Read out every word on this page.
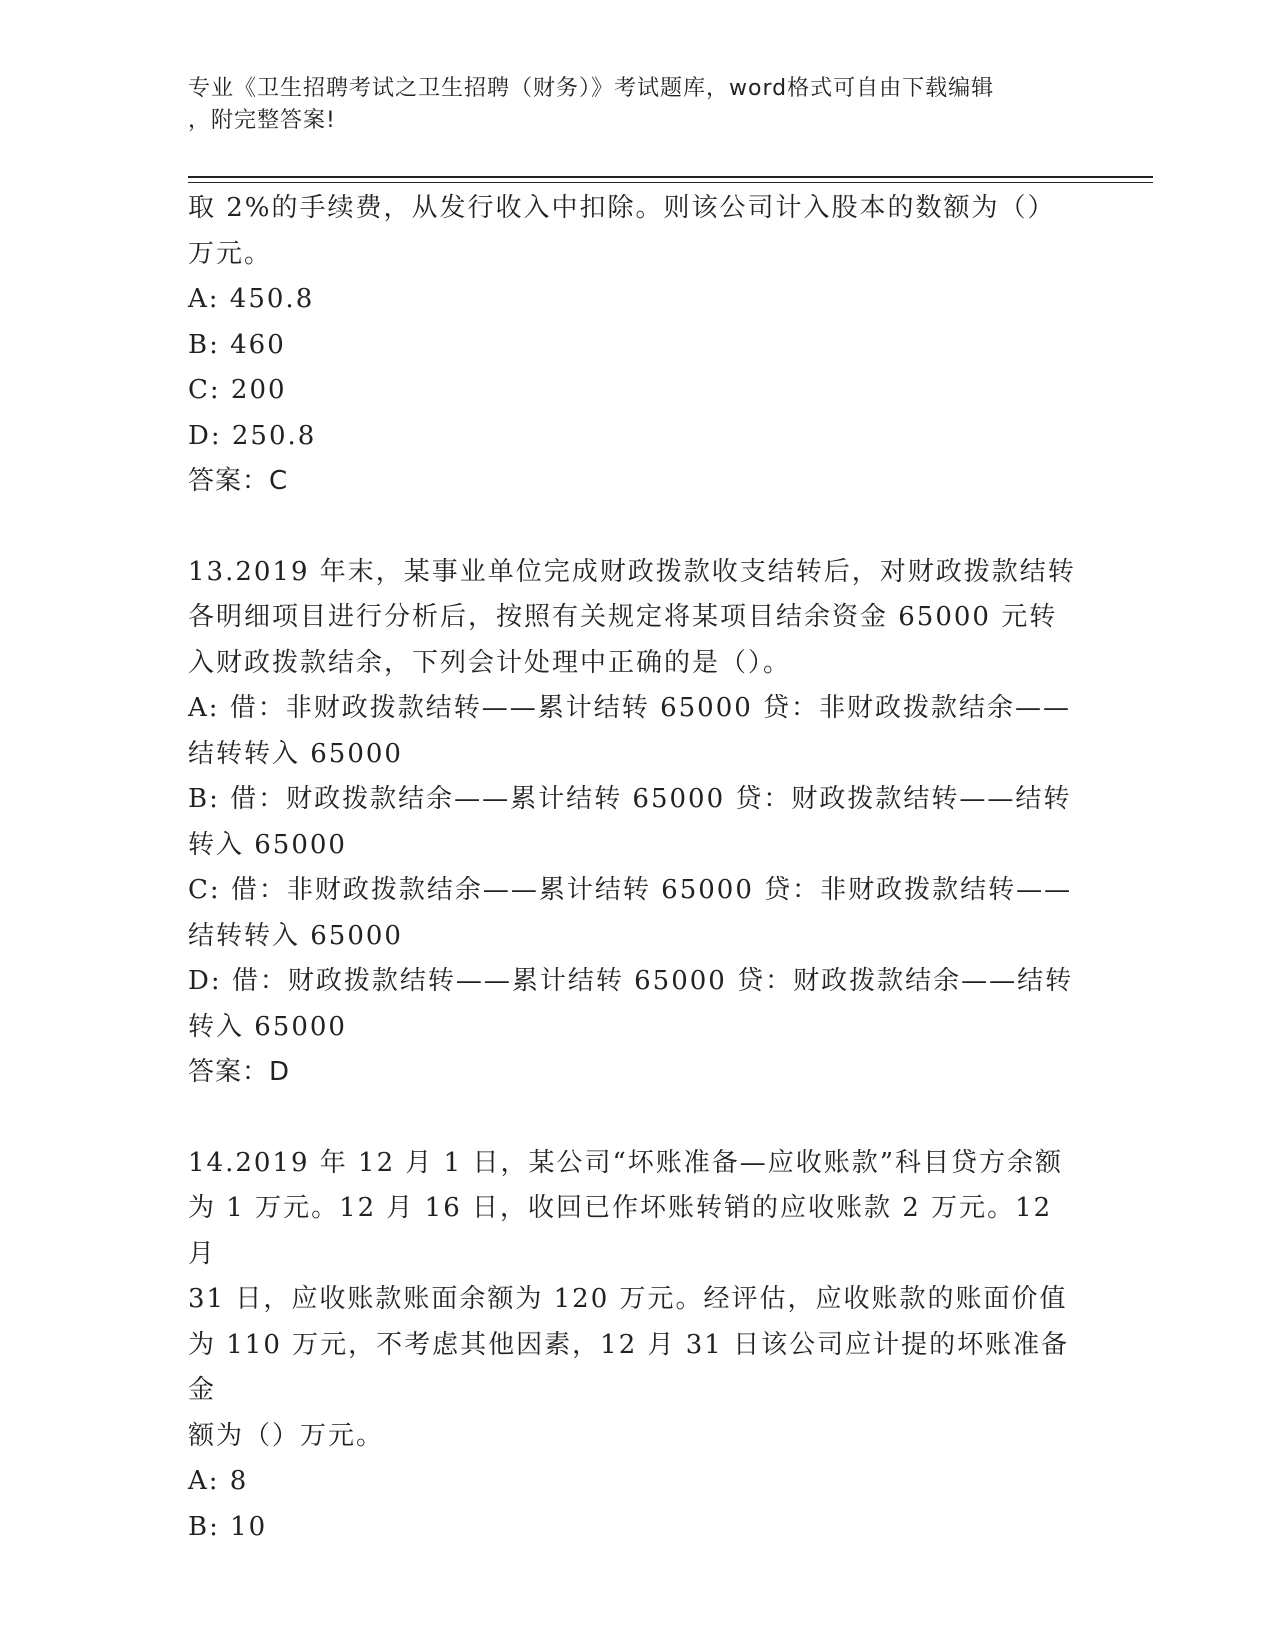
专业《卫生招聘考试之卫生招聘（财务）》考试题库，word格式可自由下载编辑
，附完整答案!

取 2%的手续费，从发行收入中扣除。则该公司计入股本的数额为（）

万元。

A: 450.8

B: 460

C: 200

D: 250.8

答案：C

13.2019 年末，某事业单位完成财政拨款收支结转后，对财政拨款结转

各明细项目进行分析后，按照有关规定将某项目结余资金 65000 元转

入财政拨款结余，下列会计处理中正确的是（）。

A: 借：非财政拨款结转——累计结转 65000 贷：非财政拨款结余——

结转转入 65000

B: 借：财政拨款结余——累计结转 65000 贷：财政拨款结转——结转

转入 65000

C: 借：非财政拨款结余——累计结转 65000 贷：非财政拨款结转——

结转转入 65000

D: 借：财政拨款结转——累计结转 65000 贷：财政拨款结余——结转

转入 65000

答案：D

14.2019 年 12 月 1 日，某公司“坏账准备—应收账款”科目贷方余额

为 1 万元。12 月 16 日，收回已作坏账转销的应收账款 2 万元。12 月

31 日，应收账款账面余额为 120 万元。经评估，应收账款的账面价值

为 110 万元，不考虑其他因素，12 月 31 日该公司应计提的坏账准备金

额为（）万元。

A: 8

B: 10
